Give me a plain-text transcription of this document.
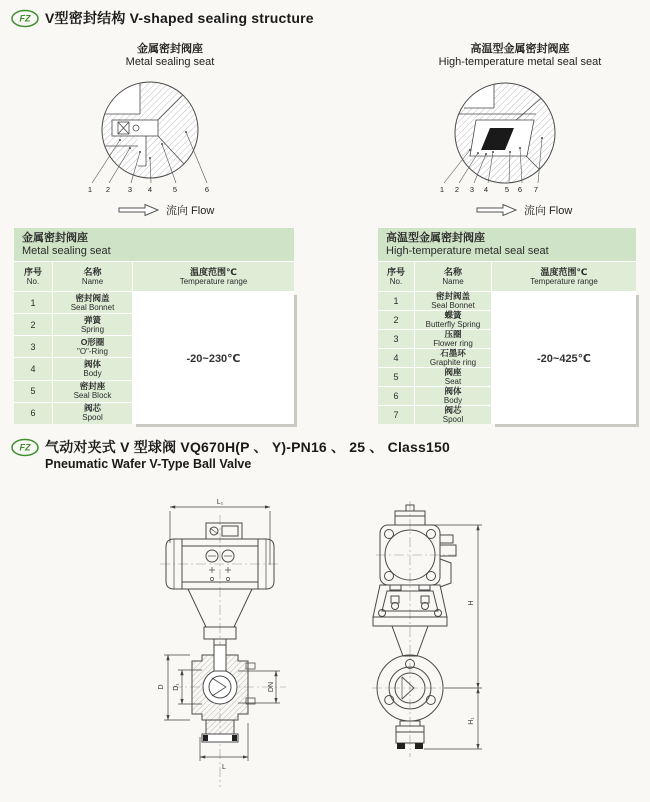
FZ V型密封结构 V-shaped sealing structure
金属密封阀座
Metal sealing seat
高温型金属密封阀座
High-temperature metal seal seat
1 2 3 4	5	6	1 2 3 4 5 6 7
流向 Flow	流向 Flow
金属密封阀座
Metal sealing seat
序号
No.
名称
Name
温度范围℃
Temperature range
1	密封阀盖
Seal Bonnet
2	弹簧
Spring
3	O形圈
"O"-Ring
4	阀体
Body
5	密封座
Seal Block
6	阀芯
Spool
-20~230℃
高温型金属密封阀座
High-temperature metal seal seat
序号
No.
名称
Name
温度范围℃
Temperature range
1	密封阀盖
Seal Bonnet
2	蝶簧
Butterfly Spring
3	压圈
Flower ring
4	石墨环
Graphite ring
5	阀座
Seat
6	阀体
Body
7	阀芯
Spool
-20~425℃
FZ 气动对夹式 V 型球阀 VQ670H(P 、 Y)-PN16 、 25 、 Class150
Pneumatic Wafer V-Type Ball Valve
L₁
D D₁	DN
L
H
H₁
